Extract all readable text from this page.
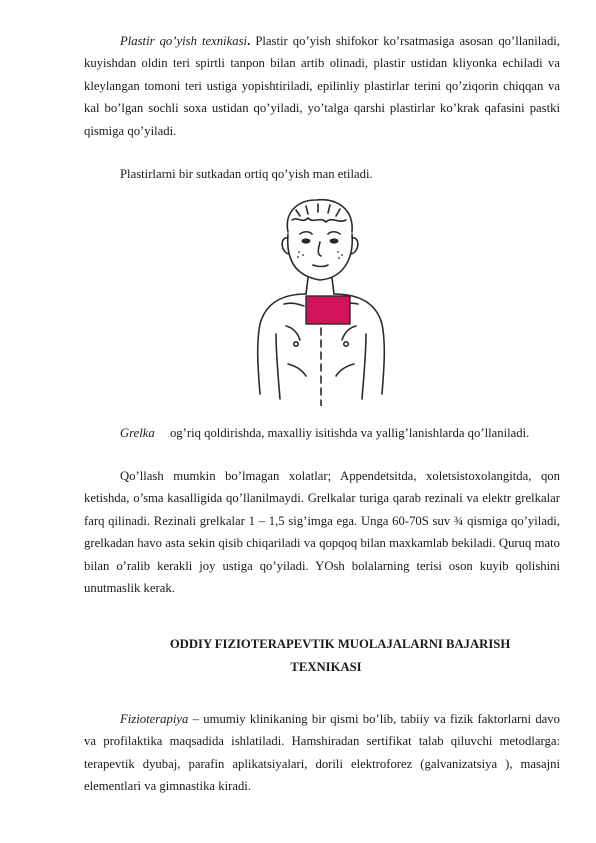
Plastir qo’yish texnikasi. Plastir qo’yish shifokor ko’rsatmasiga asosan qo’llaniladi, kuyishdan oldin teri spirtli tanpon bilan artib olinadi, plastir ustidan kliyonka echiladi va kleylangan tomoni teri ustiga yopishtiriladi, epilinliy plastirlar terini qo’ziqorin chiqqan va kal bo’lgan sochli soxa ustidan qo’yiladi, yo’talga qarshi plastirlar ko’krak qafasini pastki qismiga qo’yiladi.

Plastirlarni bir sutkadan ortiq qo’yish man etiladi.

Grelka og’riq qoldirishda, maxalliy isitishda va yallig’lanishlarda qo’llaniladi.

Qo’llash mumkin bo’lmagan xolatlar; Appendetsitda, xoletsistoxolangitda, qon ketishda, o’sma kasalligida qo’llanilmaydi. Grelkalar turiga qarab rezinali va elektr grelkalar farq qilinadi. Rezinali grelkalar 1 – 1,5 sig’imga ega. Unga 60-70S suv ¾ qismiga qo’yiladi, grelkadan havo asta sekin qisib chiqariladi va qopqoq bilan maxkamlab bekiladi. Quruq mato bilan o’ralib kerakli joy ustiga qo’yiladi. YOsh bolalarning terisi oson kuyib qolishini unutmaslik kerak.

ODDIY FIZIOTERAPEVTIK MUOLAJALARNI BAJARISH
TEXNIKASI

Fizioterapiya – umumiy klinikaning bir qismi bo’lib, tabiiy va fizik faktorlarni davo va profilaktika maqsadida ishlatiladi. Hamshiradan sertifikat talab qiluvchi metodlarga: terapevtik dyubaj, parafin aplikatsiyalari, dorili elektroforez (galvanizatsiya ), masajni elementlari va gimnastika kiradi.
